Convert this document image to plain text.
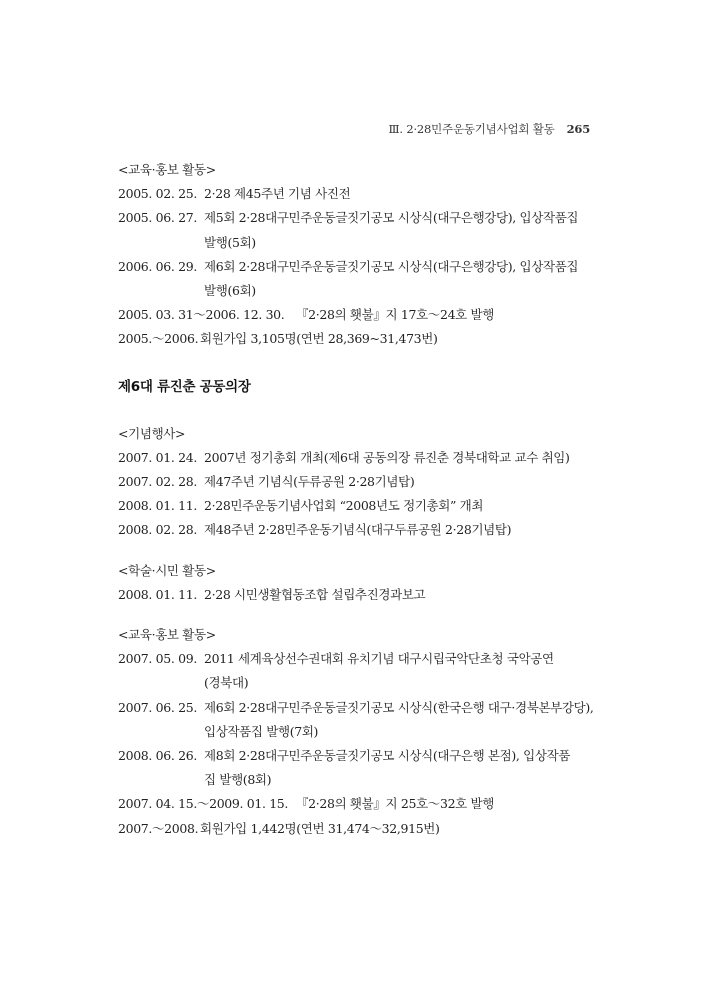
Ⅲ. 2·28민주운동기념사업회 활동 265
<교육·홍보 활동>
2005. 02. 25. 2·28 제45주년 기념 사진전
2005. 06. 27. 제5회 2·28대구민주운동글짓기공모 시상식(대구은행강당), 입상작품집
발행(5회)
2006. 06. 29. 제6회 2·28대구민주운동글짓기공모 시상식(대구은행강당), 입상작품집
발행(6회)
2005. 03. 31～2006. 12. 30. 『2·28의 횃불』지 17호～24호 발행
2005.～2006. 회원가입 3,105명(연번 28,369~31,473번)
제6대 류진춘 공동의장
<기념행사>
2007. 01. 24. 2007년 정기총회 개최(제6대 공동의장 류진춘 경북대학교 교수 취임)
2007. 02. 28. 제47주년 기념식(두류공원 2·28기념탑)
2008. 01. 11. 2·28민주운동기념사업회 “2008년도 정기총회” 개최
2008. 02. 28. 제48주년 2·28민주운동기념식(대구두류공원 2·28기념탑)
<학술·시민 활동>
2008. 01. 11. 2·28 시민생활협동조합 설립추진경과보고
<교육·홍보 활동>
2007. 05. 09. 2011 세계육상선수권대회 유치기념 대구시립국악단초청 국악공연
(경북대)
2007. 06. 25. 제6회 2·28대구민주운동글짓기공모 시상식(한국은행 대구·경북본부강당),
입상작품집 발행(7회)
2008. 06. 26. 제8회 2·28대구민주운동글짓기공모 시상식(대구은행 본점), 입상작품
집 발행(8회)
2007. 04. 15.～2009. 01. 15. 『2·28의 횃불』지 25호～32호 발행
2007.～2008. 회원가입 1,442명(연번 31,474～32,915번)
